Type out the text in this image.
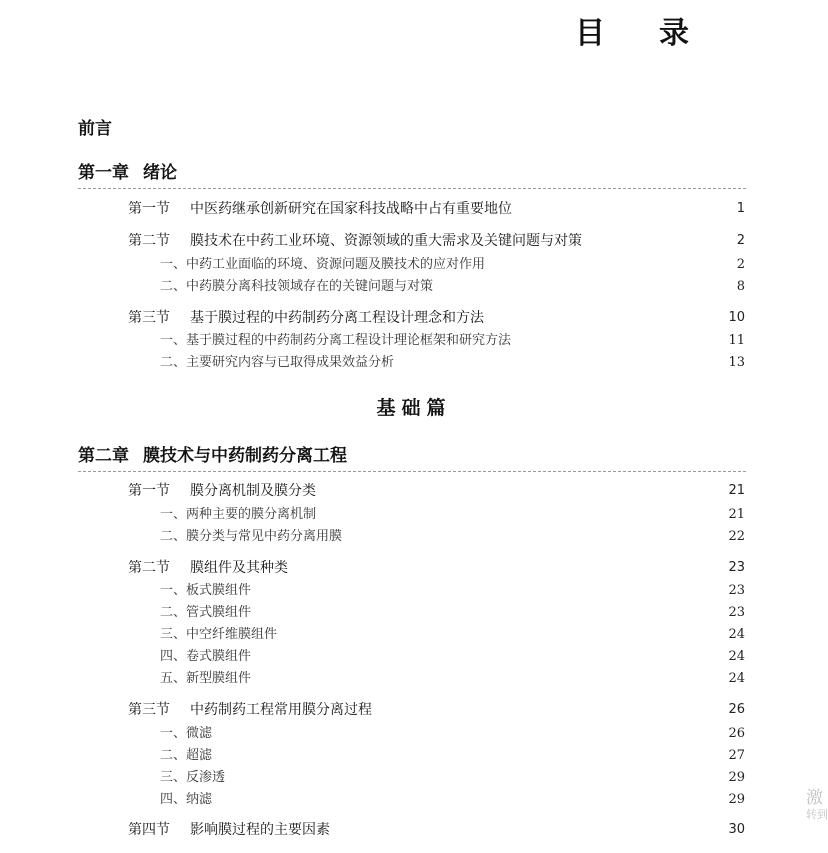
目录
前言
第一章 绪论
第一节 中医药继承创新研究在国家科技战略中占有重要地位	1
第二节 膜技术在中药工业环境、资源领域的重大需求及关键问题与对策	2
一、中药工业面临的环境、资源问题及膜技术的应对作用	2
二、中药膜分离科技领域存在的关键问题与对策	8
第三节 基于膜过程的中药制药分离工程设计理念和方法	10
一、基于膜过程的中药制药分离工程设计理论框架和研究方法	11
二、主要研究内容与已取得成果效益分析	13
基础篇
第二章 膜技术与中药制药分离工程
第一节 膜分离机制及膜分类	21
一、两种主要的膜分离机制	21
二、膜分类与常见中药分离用膜	22
第二节 膜组件及其种类	23
一、板式膜组件	23
二、管式膜组件	23
三、中空纤维膜组件	24
四、卷式膜组件	24
五、新型膜组件	24
第三节 中药制药工程常用膜分离过程	26
一、微滤	26
二、超滤	27
三、反渗透	29
四、纳滤	29
第四节 影响膜过程的主要因素	30
激
转到
